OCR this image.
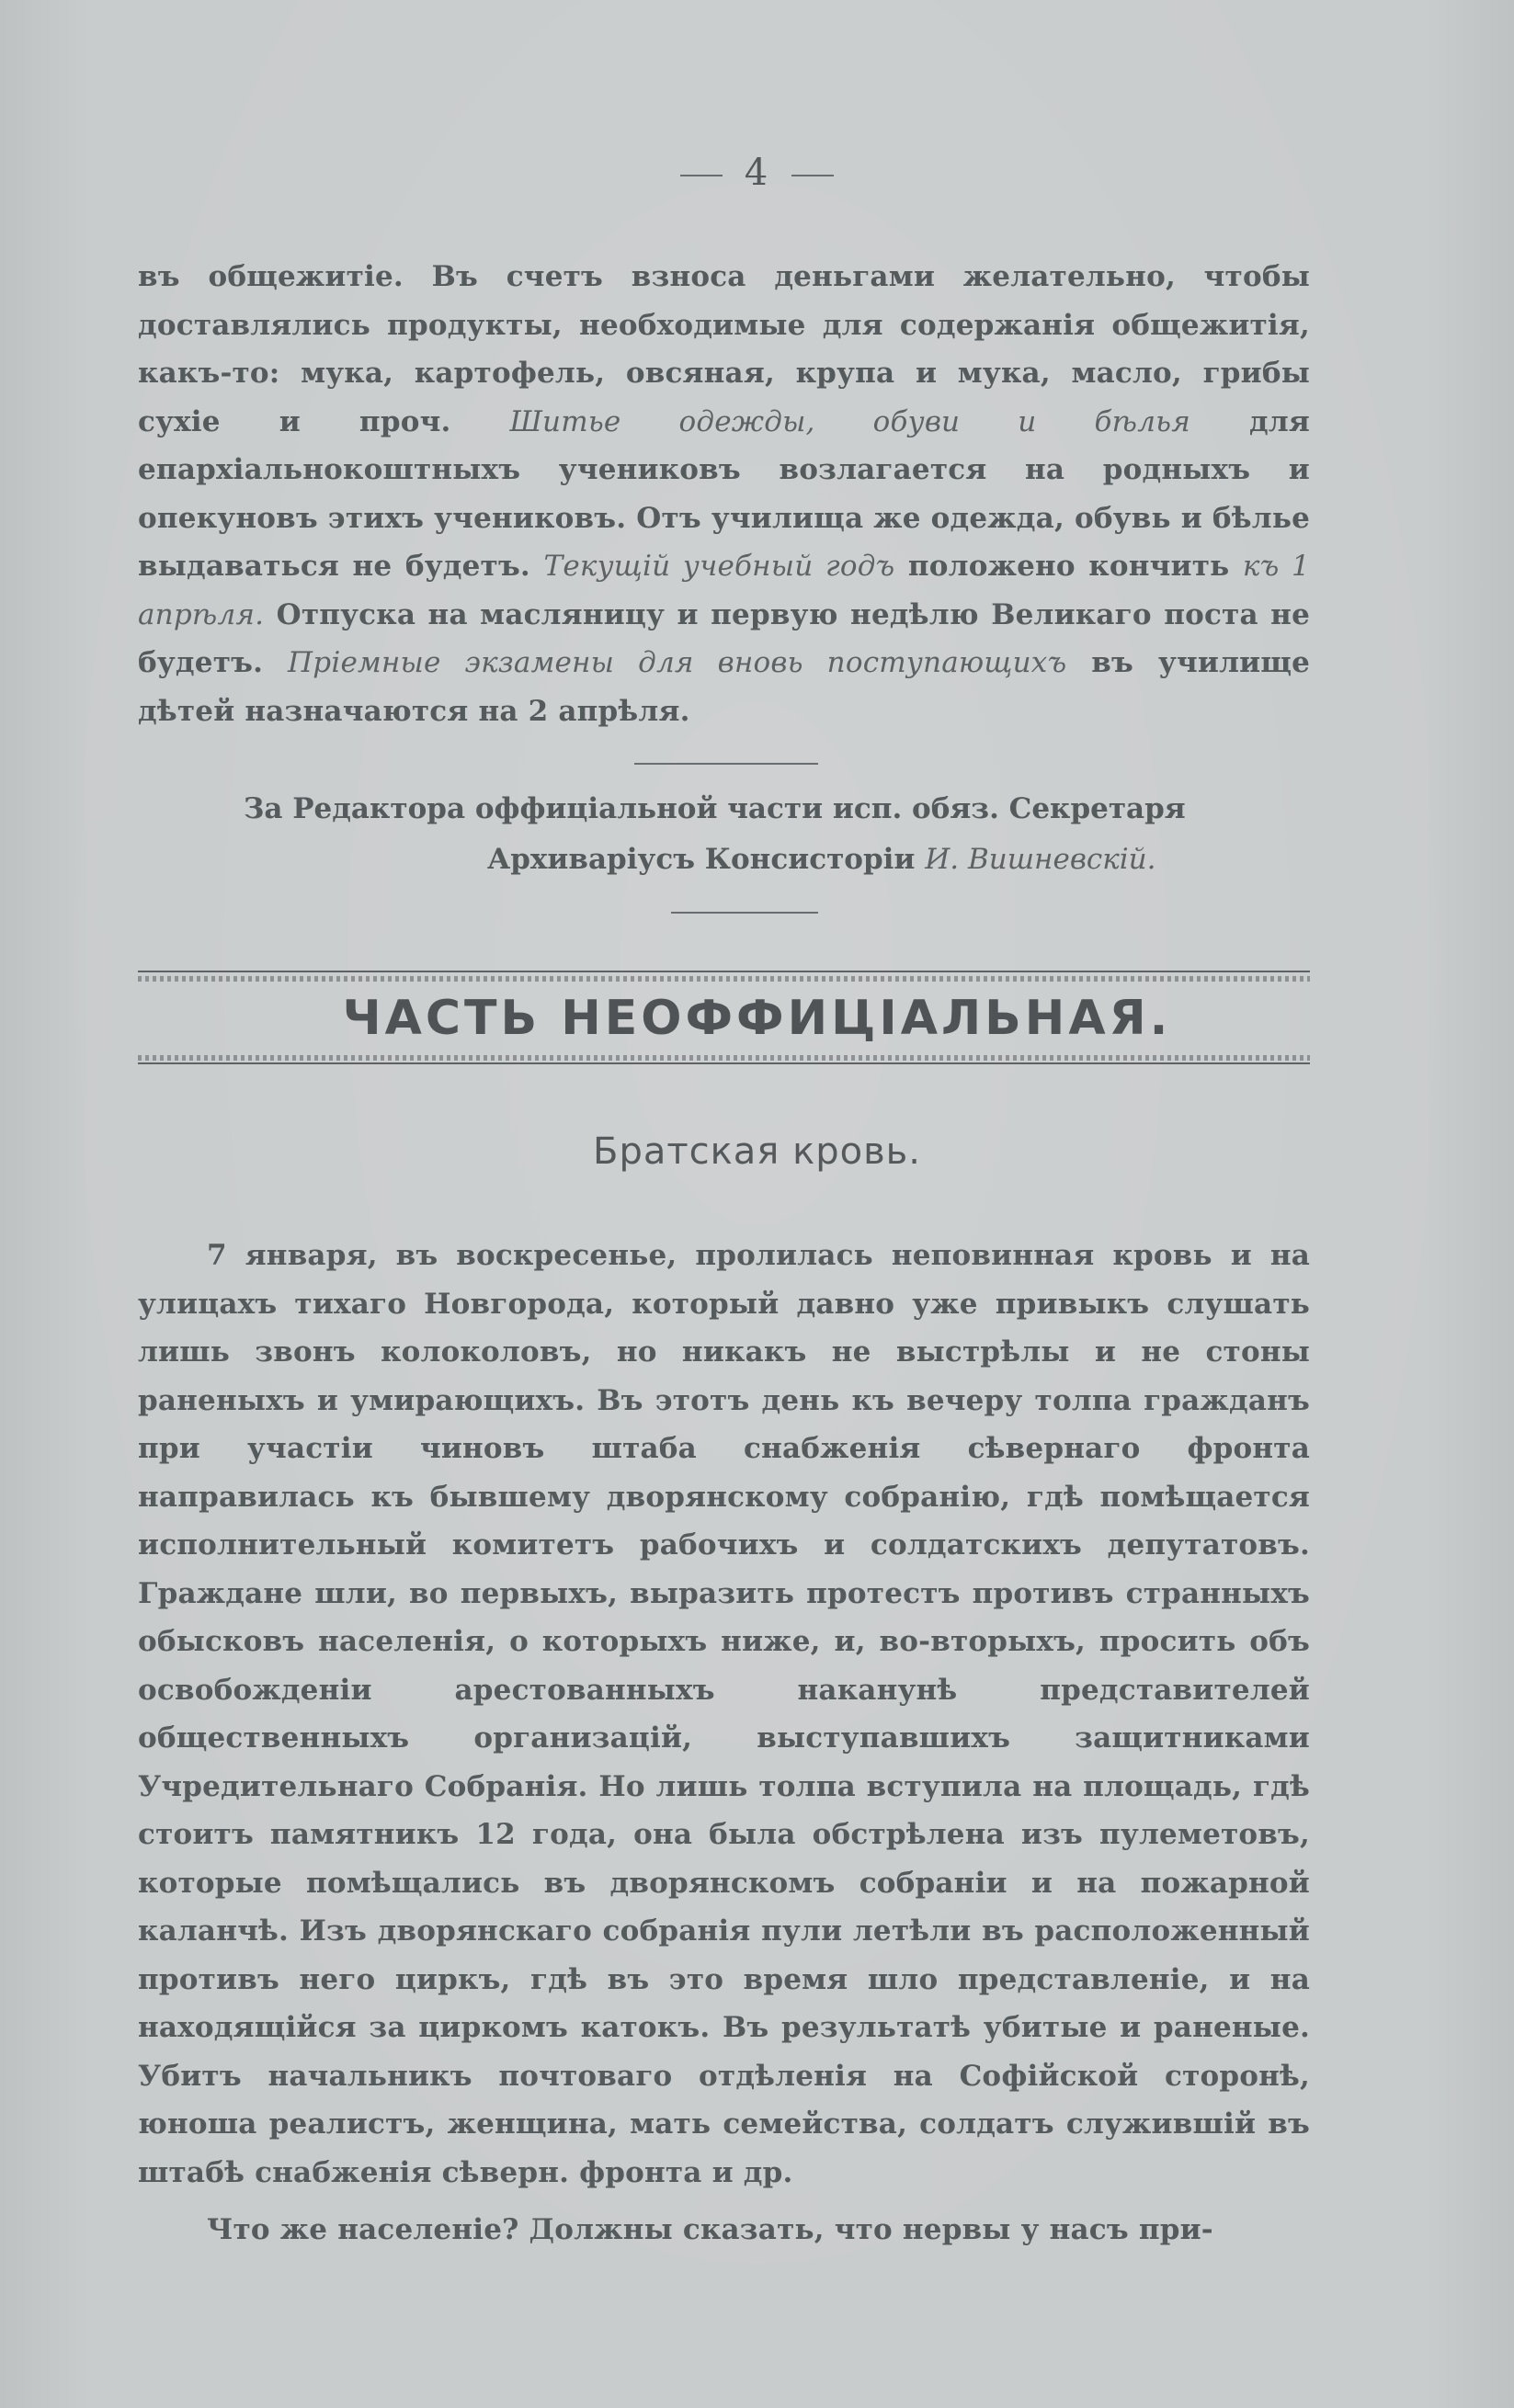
4

въ общежитіе. Въ счетъ взноса деньгами желательно, чтобы доставлялись продукты, необходимые для содержанія общежитія, какъ-то: мука, картофель, овсяная, крупа и мука, масло, грибы сухіе и проч. Шитье одежды, обуви и бѣлья для епархіальнокоштныхъ учениковъ возлагается на родныхъ и опекуновъ этихъ учениковъ. Отъ училища же одежда, обувь и бѣлье выдаваться не будетъ. Текущій учебный годъ положено кончить къ 1 апрѣля. Отпуска на масляницу и первую недѣлю Великаго поста не будетъ. Пріемные экзамены для вновь поступающихъ въ училище дѣтей назначаются на 2 апрѣля.

За Редактора оффиціальной части исп. обяз. Секретаря
Архиваріусъ Консисторіи И. Вишневскій.
ЧАСТЬ НЕОФФИЦІАЛЬНАЯ.
Братская кровь.

7 января, въ воскресенье, пролилась неповинная кровь и на улицахъ тихаго Новгорода, который давно уже привыкъ слушать лишь звонъ колоколовъ, но никакъ не выстрѣлы и не стоны раненыхъ и умирающихъ. Въ этотъ день къ вечеру толпа гражданъ при участіи чиновъ штаба снабженія сѣвернаго фронта направилась къ бывшему дворянскому собранію, гдѣ помѣщается исполнительный комитетъ рабочихъ и солдатскихъ депутатовъ. Граждане шли, во первыхъ, выразить протестъ противъ странныхъ обысковъ населенія, о которыхъ ниже, и, во-вторыхъ, просить объ освобожденіи арестованныхъ наканунѣ представителей общественныхъ организацій, выступавшихъ защитниками Учредительнаго Собранія. Но лишь толпа вступила на площадь, гдѣ стоитъ памятникъ 12 года, она была обстрѣлена изъ пулеметовъ, которые помѣщались въ дворянскомъ собраніи и на пожарной каланчѣ. Изъ дворянскаго собранія пули летѣли въ расположенный противъ него циркъ, гдѣ въ это время шло представленіе, и на находящійся за циркомъ катокъ. Въ результатѣ убитые и раненые. Убитъ начальникъ почтоваго отдѣленія на Софійской сторонѣ, юноша реалистъ, женщина, мать семейства, солдатъ служившій въ штабѣ снабженія сѣверн. фронта и др.

Что же населеніе? Должны сказать, что нервы у насъ при-
